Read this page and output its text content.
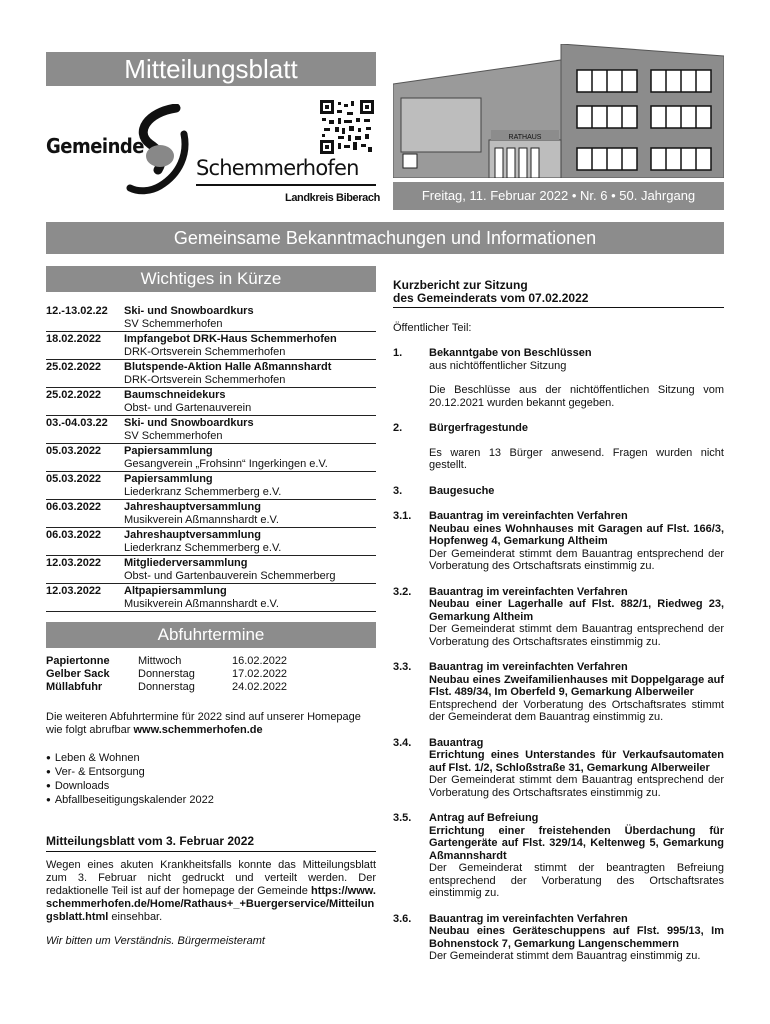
Mitteilungsblatt
Gemeinde
Schemmerhofen
Landkreis Biberach
RATHAUS
Freitag, 11. Februar 2022 • Nr. 6 • 50. Jahrgang
Gemeinsame Bekanntmachungen und Informationen
Wichtiges in Kürze
12.-13.02.22	Ski- und Snowboardkurs
SV Schemmerhofen
18.02.2022	Impfangebot DRK-Haus Schemmerhofen
DRK-Ortsverein Schemmerhofen
25.02.2022	Blutspende-Aktion Halle Aßmannshardt
DRK-Ortsverein Schemmerhofen
25.02.2022	Baumschneidekurs
Obst- und Gartenauverein
03.-04.03.22	Ski- und Snowboardkurs
SV Schemmerhofen
05.03.2022	Papiersammlung
Gesangverein „Frohsinn“ Ingerkingen e.V.
05.03.2022	Papiersammlung
Liederkranz Schemmerberg e.V.
06.03.2022	Jahreshauptversammlung
Musikverein Aßmannshardt e.V.
06.03.2022	Jahreshauptversammlung
Liederkranz Schemmerberg e.V.
12.03.2022	Mitgliederversammlung
Obst- und Gartenbauverein Schemmerberg
12.03.2022	Altpapiersammlung
Musikverein Aßmannshardt e.V.
Abfuhrtermine
Papiertonne	Mittwoch	16.02.2022
Gelber Sack	Donnerstag	17.02.2022
Müllabfuhr	Donnerstag	24.02.2022
Die weiteren Abfuhrtermine für 2022 sind auf unserer Homepage wie folgt abrufbar www.schemmerhofen.de
● Leben & Wohnen
● Ver- & Entsorgung
● Downloads
● Abfallbeseitigungskalender 2022
Mitteilungsblatt vom 3. Februar 2022
Wegen eines akuten Krankheitsfalls konnte das Mitteilungsblatt zum 3. Februar nicht gedruckt und verteilt werden. Der redaktionelle Teil ist auf der homepage der Gemeinde https://www.schemmerhofen.de/Home/Rathaus+_+Buergerservice/Mitteilungsblatt.html einsehbar.
Wir bitten um Verständnis. Bürgermeisteramt
Kurzbericht zur Sitzung
des Gemeinderats vom 07.02.2022
Öffentlicher Teil:
1.	Bekanntgabe von Beschlüssen
aus nichtöffentlicher Sitzung
Die Beschlüsse aus der nichtöffentlichen Sitzung vom 20.12.2021 wurden bekannt gegeben.
2.	Bürgerfragestunde
Es waren 13 Bürger anwesend. Fragen wurden nicht gestellt.
3.	Baugesuche
3.1.	Bauantrag im vereinfachten Verfahren
Neubau eines Wohnhauses mit Garagen auf Flst. 166/3, Hopfenweg 4, Gemarkung Altheim
Der Gemeinderat stimmt dem Bauantrag entsprechend der Vorberatung des Ortschaftsrats einstimmig zu.
3.2.	Bauantrag im vereinfachten Verfahren
Neubau einer Lagerhalle auf Flst. 882/1, Riedweg 23, Gemarkung Altheim
Der Gemeinderat stimmt dem Bauantrag entsprechend der Vorberatung des Ortschaftsrates einstimmig zu.
3.3.	Bauantrag im vereinfachten Verfahren
Neubau eines Zweifamilienhauses mit Doppelgarage auf Flst. 489/34, Im Oberfeld 9, Gemarkung Alberweiler
Entsprechend der Vorberatung des Ortschaftsrates stimmt der Gemeinderat dem Bauantrag einstimmig zu.
3.4.	Bauantrag
Errichtung eines Unterstandes für Verkaufsautomaten auf Flst. 1/2, Schloßstraße 31, Gemarkung Alberweiler
Der Gemeinderat stimmt dem Bauantrag entsprechend der Vorberatung des Ortschaftsrates einstimmig zu.
3.5.	Antrag auf Befreiung
Errichtung einer freistehenden Überdachung für Gartengeräte auf Flst. 329/14, Keltenweg 5, Gemarkung Aßmannshardt
Der Gemeinderat stimmt der beantragten Befreiung entsprechend der Vorberatung des Ortschaftsrates einstimmig zu.
3.6.	Bauantrag im vereinfachten Verfahren
Neubau eines Geräteschuppens auf Flst. 995/13, Im Bohnenstock 7, Gemarkung Langenschemmern
Der Gemeinderat stimmt dem Bauantrag einstimmig zu.
